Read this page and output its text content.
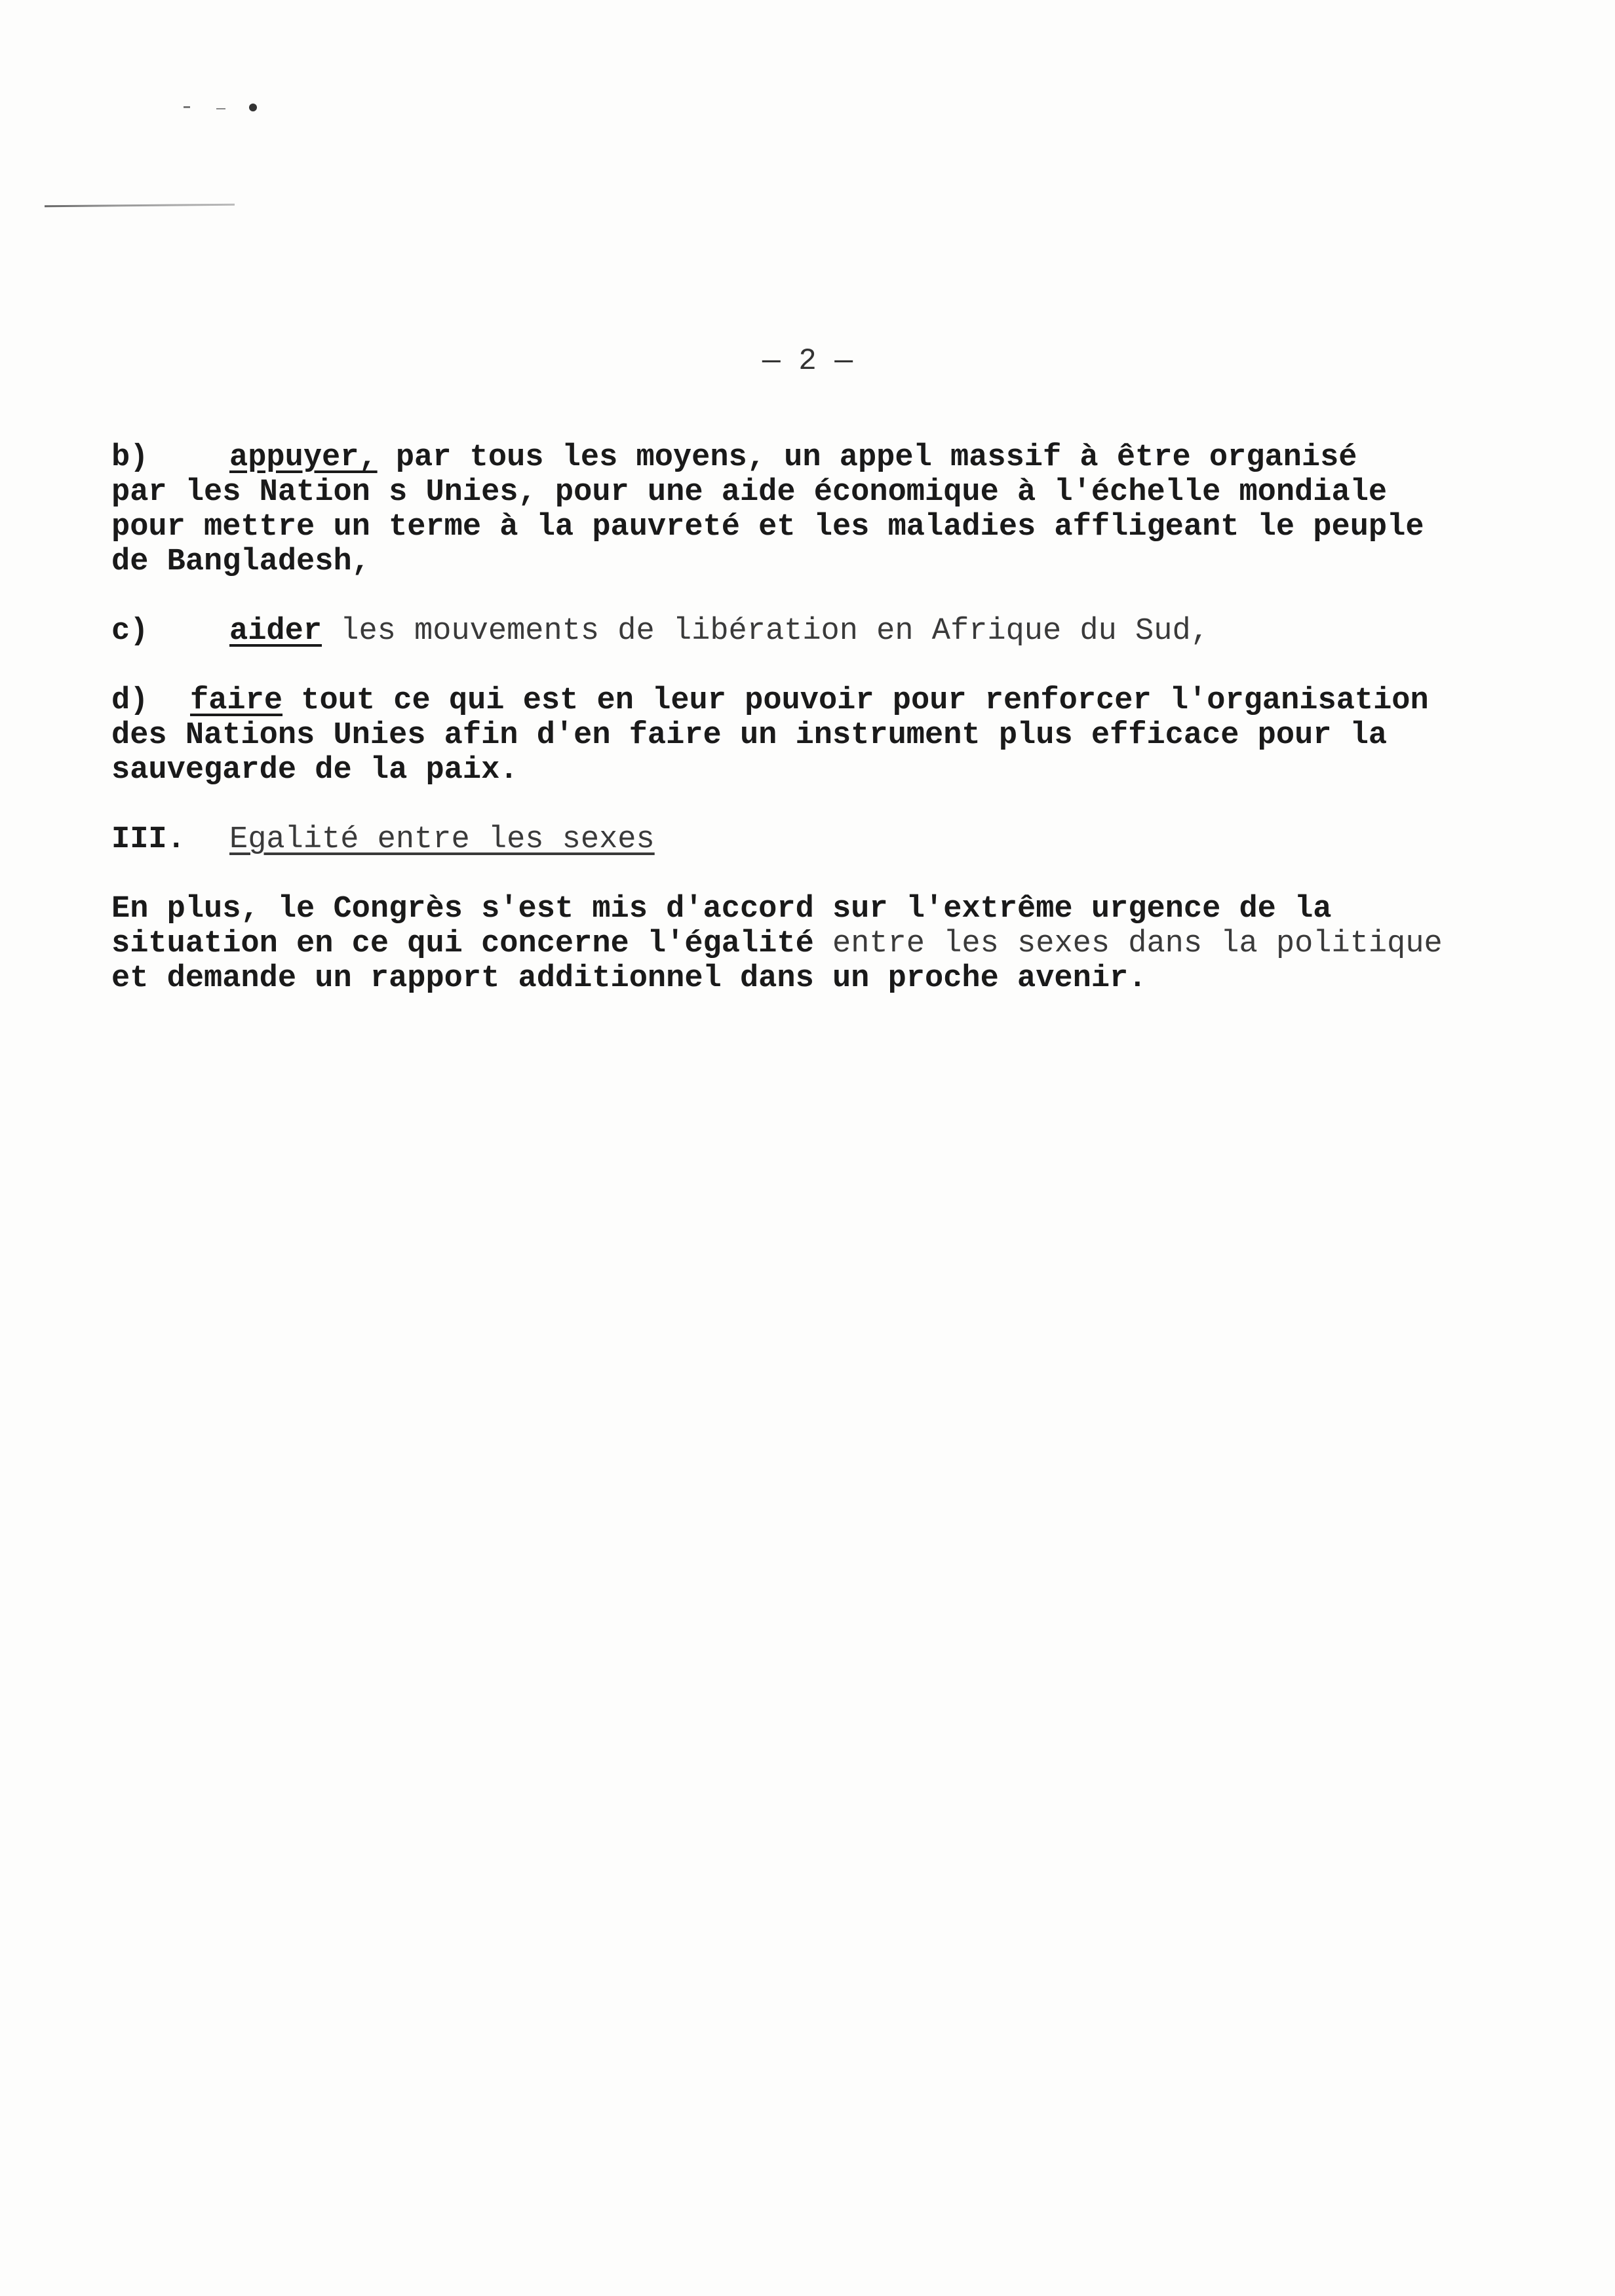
— 2 —

b)	appuyer, par tous les moyens, un appel massif à être organisé
par les Nation s Unies, pour une aide économique à l'échelle mondiale
pour mettre un terme à la pauvreté et les maladies affligeant le peuple
de Bangladesh,

c)	aider les mouvements de libération en Afrique du Sud,

d) faire tout ce qui est en leur pouvoir pour renforcer l'organisation
des Nations Unies afin d'en faire un instrument plus efficace pour la
sauvegarde de la paix.

III. Egalité entre les sexes

En plus, le Congrès s'est mis d'accord sur l'extrême urgence de la
situation en ce qui concerne l'égalité entre les sexes dans la politique
et demande un rapport additionnel dans un proche avenir.
